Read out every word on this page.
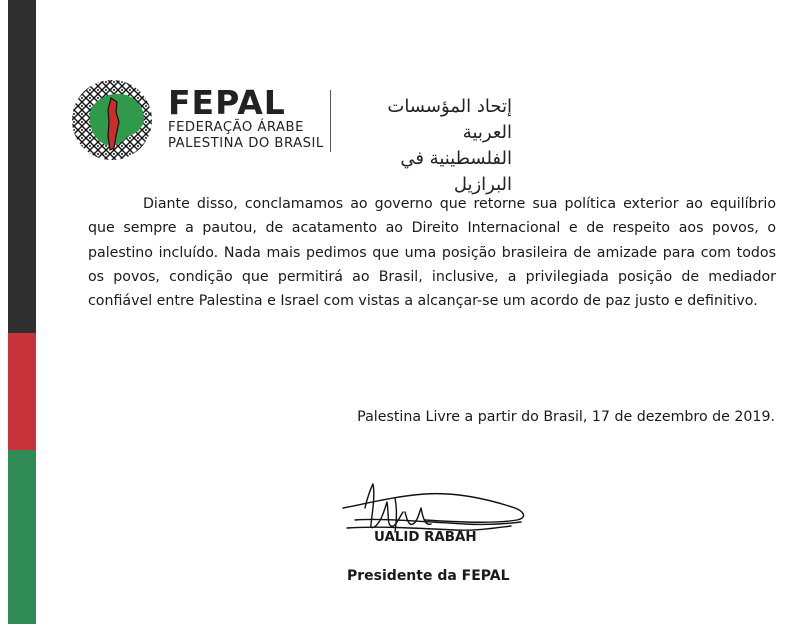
FEPAL
FEDERAÇÃO ÁRABE
PALESTINA DO BRASIL
إتحاد المؤسسات العربية
الفلسطينية في البرازيل

Diante disso, conclamamos ao governo que retorne sua política exterior ao equilíbrio que sempre a pautou, de acatamento ao Direito Internacional e de respeito aos povos, o palestino incluído. Nada mais pedimos que uma posição brasileira de amizade para com todos os povos, condição que permitirá ao Brasil, inclusive, a privilegiada posição de mediador confiável entre Palestina e Israel com vistas a alcançar-se um acordo de paz justo e definitivo.

Palestina Livre a partir do Brasil, 17 de dezembro de 2019.
UALID RABAH
Presidente da FEPAL
